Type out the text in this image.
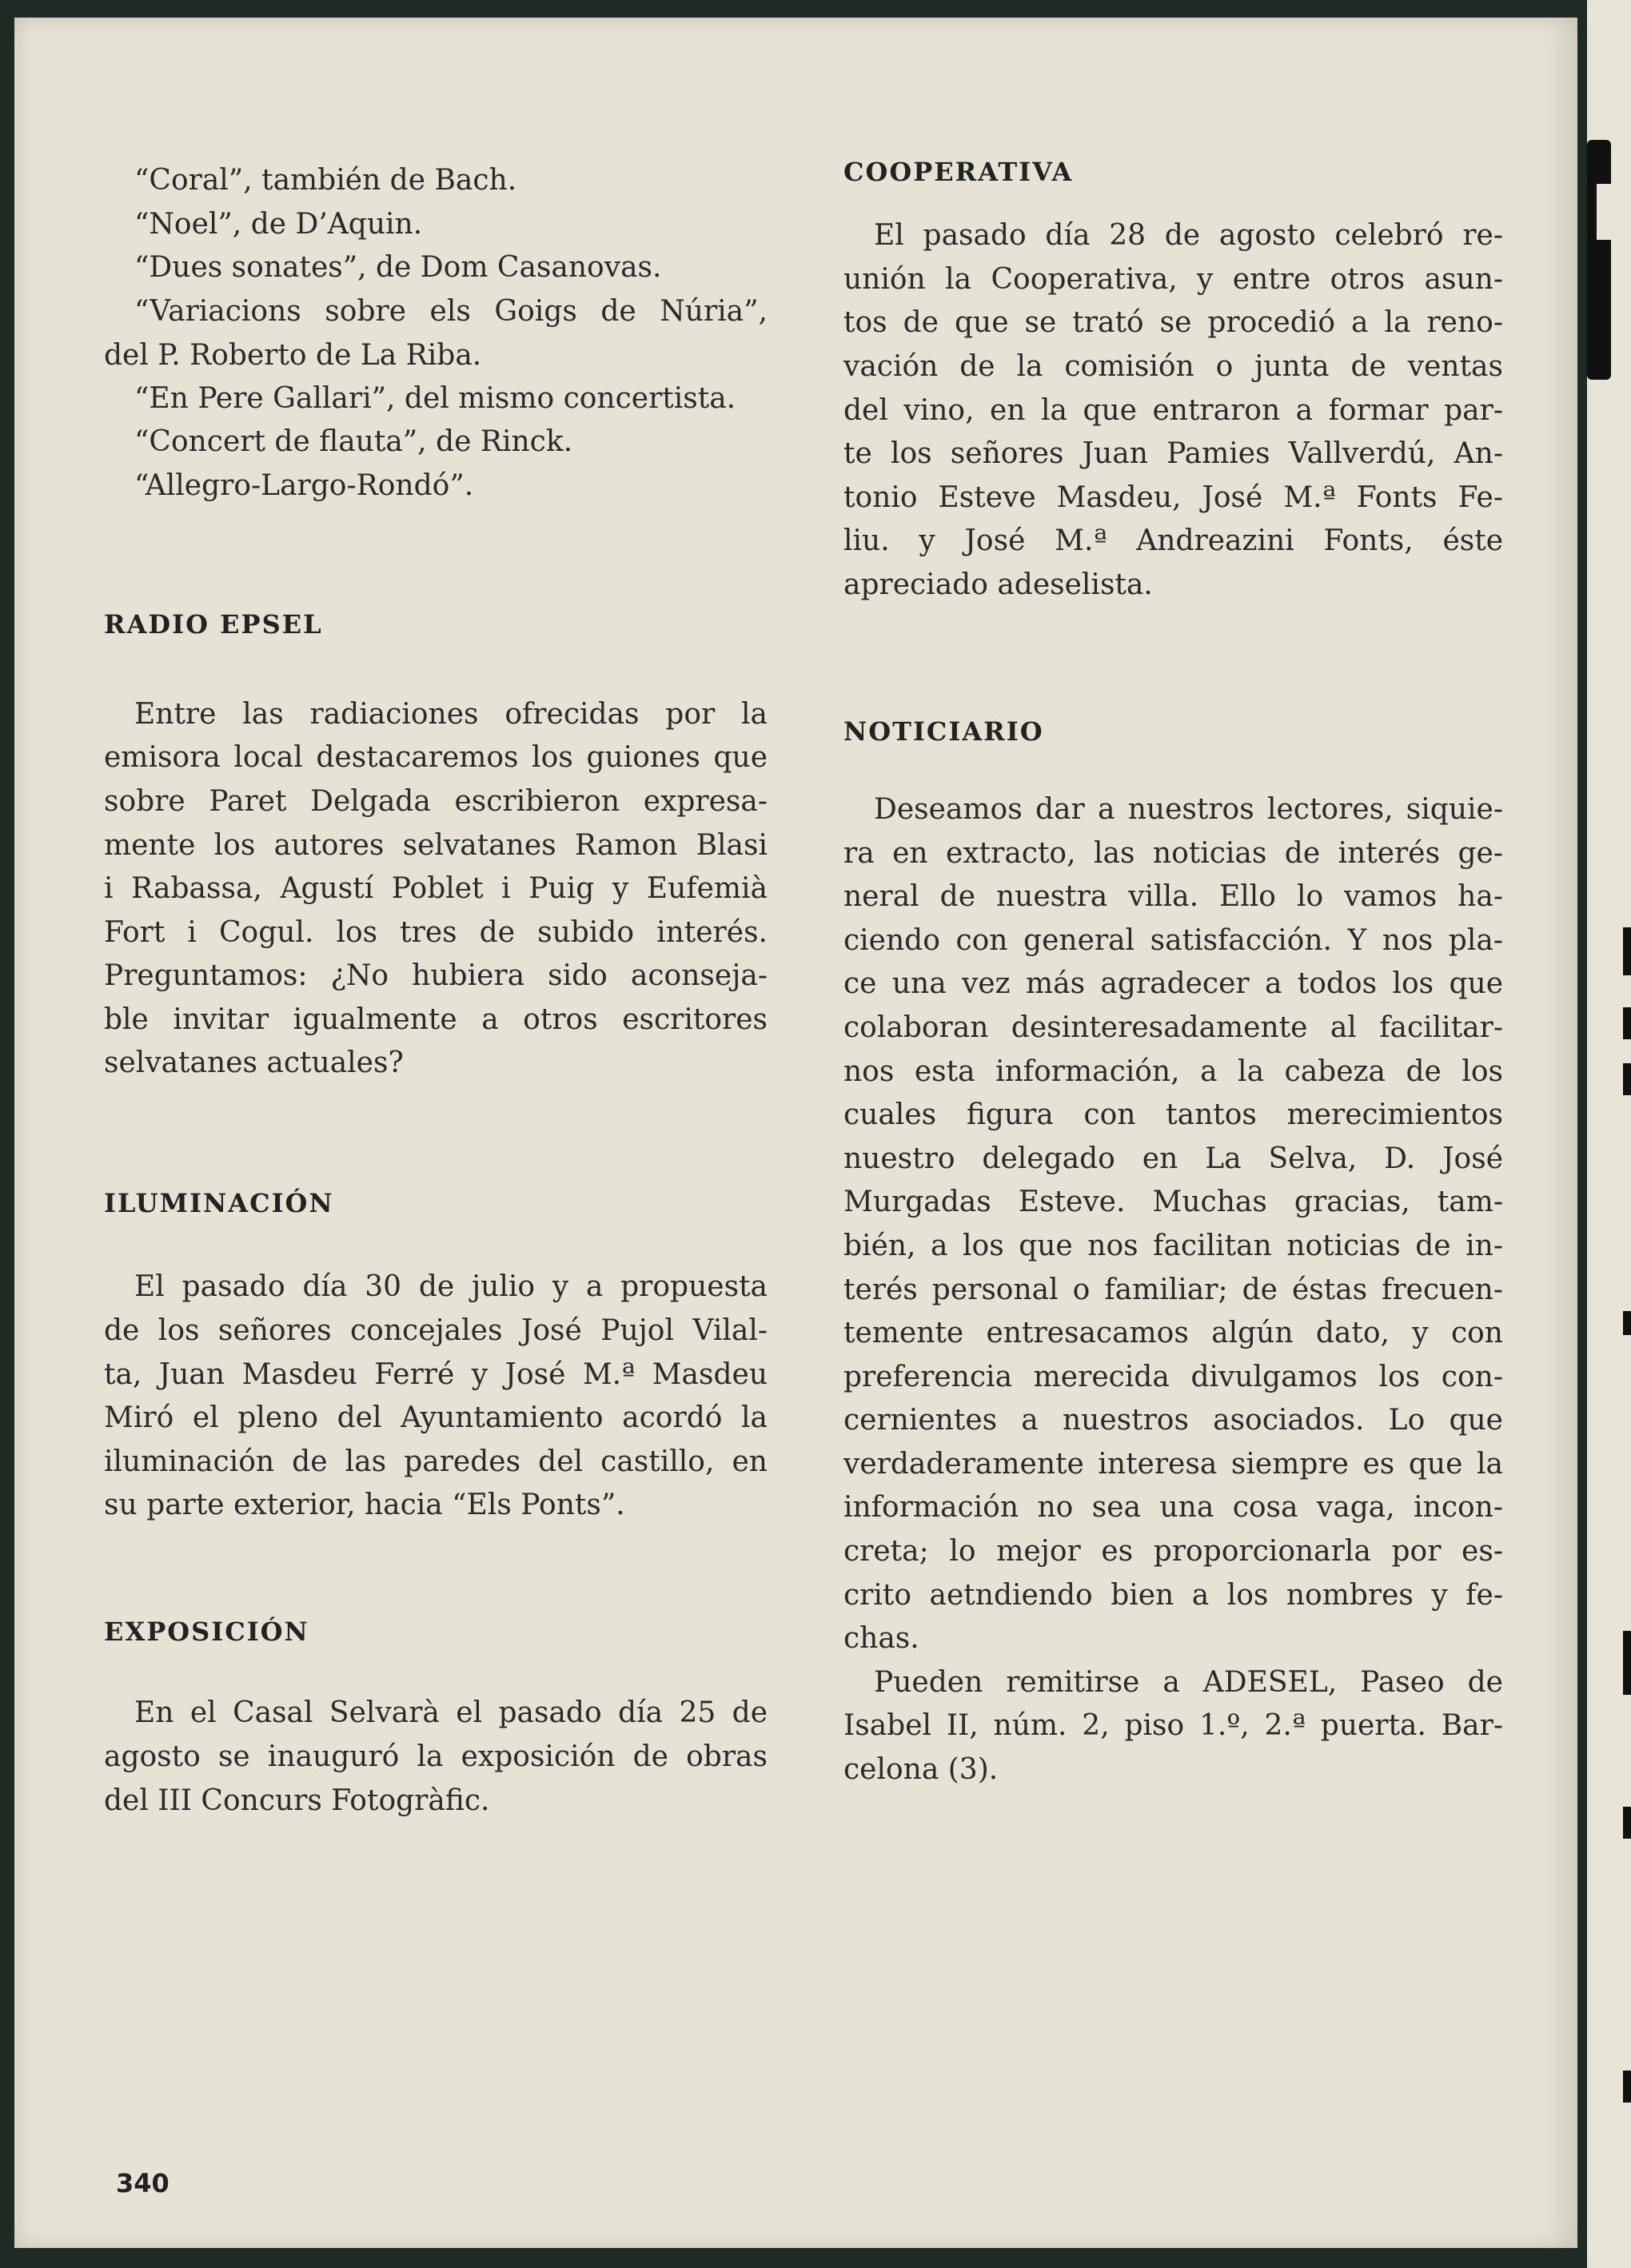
“Coral”, también de Bach.
“Noel”, de D’Aquin.
“Dues sonates”, de Dom Casanovas.
“Variacions sobre els Goigs de Núria”,
del P. Roberto de La Riba.
“En Pere Gallari”, del mismo concertista.
“Concert de flauta”, de Rinck.
“Allegro-Largo-Rondó”.
RADIO EPSEL
Entre las radiaciones ofrecidas por la
emisora local destacaremos los guiones que
sobre Paret Delgada escribieron expresa-
mente los autores selvatanes Ramon Blasi
i Rabassa, Agustí Poblet i Puig y Eufemià
Fort i Cogul. los tres de subido interés.
Preguntamos: ¿No hubiera sido aconseja-
ble invitar igualmente a otros escritores
selvatanes actuales?
ILUMINACIÓN
El pasado día 30 de julio y a propuesta
de los señores concejales José Pujol Vilal-
ta, Juan Masdeu Ferré y José M.ª Masdeu
Miró el pleno del Ayuntamiento acordó la
iluminación de las paredes del castillo, en
su parte exterior, hacia “Els Ponts”.
EXPOSICIÓN
En el Casal Selvarà el pasado día 25 de
agosto se inauguró la exposición de obras
del III Concurs Fotogràfic.
COOPERATIVA
El pasado día 28 de agosto celebró re-
unión la Cooperativa, y entre otros asun-
tos de que se trató se procedió a la reno-
vación de la comisión o junta de ventas
del vino, en la que entraron a formar par-
te los señores Juan Pamies Vallverdú, An-
tonio Esteve Masdeu, José M.ª Fonts Fe-
liu. y José M.ª Andreazini Fonts, éste
apreciado adeselista.
NOTICIARIO
Deseamos dar a nuestros lectores, siquie-
ra en extracto, las noticias de interés ge-
neral de nuestra villa. Ello lo vamos ha-
ciendo con general satisfacción. Y nos pla-
ce una vez más agradecer a todos los que
colaboran desinteresadamente al facilitar-
nos esta información, a la cabeza de los
cuales figura con tantos merecimientos
nuestro delegado en La Selva, D. José
Murgadas Esteve. Muchas gracias, tam-
bién, a los que nos facilitan noticias de in-
terés personal o familiar; de éstas frecuen-
temente entresacamos algún dato, y con
preferencia merecida divulgamos los con-
cernientes a nuestros asociados. Lo que
verdaderamente interesa siempre es que la
información no sea una cosa vaga, incon-
creta; lo mejor es proporcionarla por es-
crito aetndiendo bien a los nombres y fe-
chas.
Pueden remitirse a ADESEL, Paseo de
Isabel II, núm. 2, piso 1.º, 2.ª puerta. Bar-
celona (3).
340
